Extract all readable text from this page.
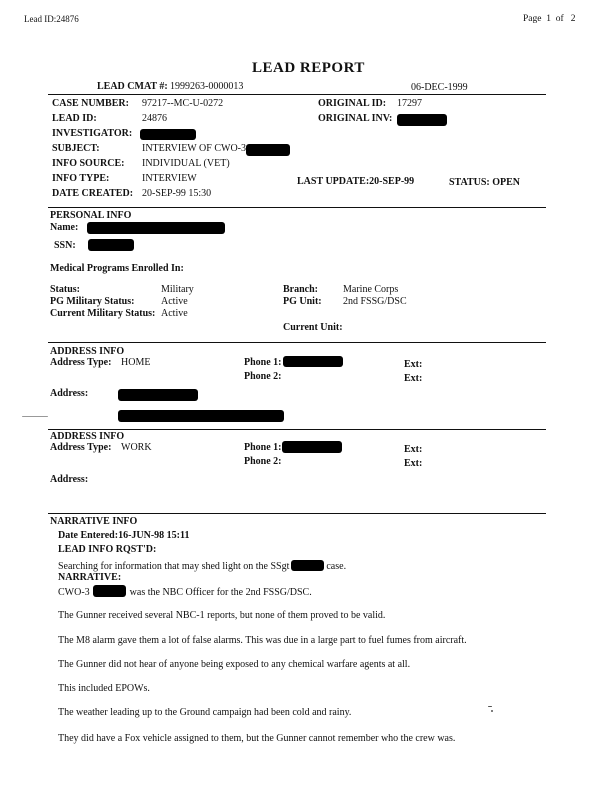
Lead ID:24876	Page 1 of 2
LEAD REPORT
LEAD CMAT #: 1999263-0000013	06-DEC-1999
CASE NUMBER: 97217--MC-U-0272	ORIGINAL ID: 17297
LEAD ID:	24876	ORIGINAL INV:
INVESTIGATOR:
SUBJECT:	INTERVIEW OF CWO-3
INFO SOURCE: INDIVIDUAL (VET)
INFO TYPE:	INTERVIEW	LAST UPDATE:20-SEP-99	STATUS: OPEN
DATE CREATED: 20-SEP-99 15:30
PERSONAL INFO
Name:
SSN:
Medical Programs Enrolled In:
Status:	Military
PG Military Status:	Active
Current Military Status: Active
Branch:	Marine Corps
PG Unit: 2nd FSSG/DSC
Current Unit:
ADDRESS INFO
Address Type: HOME	Phone 1:	Ext:
Phone 2:	Ext:
Address:
ADDRESS INFO
Address Type: WORK	Phone 1:	Ext:
Phone 2:	Ext:
Address:
NARRATIVE INFO
Date Entered:16-JUN-98 15:11
LEAD INFO RQST'D:
Searching for information that may shed light on the SSgt	case.
NARRATIVE:
CWO-3	was the NBC Officer for the 2nd FSSG/DSC.
The Gunner received several NBC-1 reports, but none of them proved to be valid.
The M8 alarm gave them a lot of false alarms. This was due in a large part to fuel fumes from aircraft.
The Gunner did not hear of anyone being exposed to any chemical warfare agents at all.
This included EPOWs.
The weather leading up to the Ground campaign had been cold and rainy.
They did have a Fox vehicle assigned to them, but the Gunner cannot remember who the crew was.
